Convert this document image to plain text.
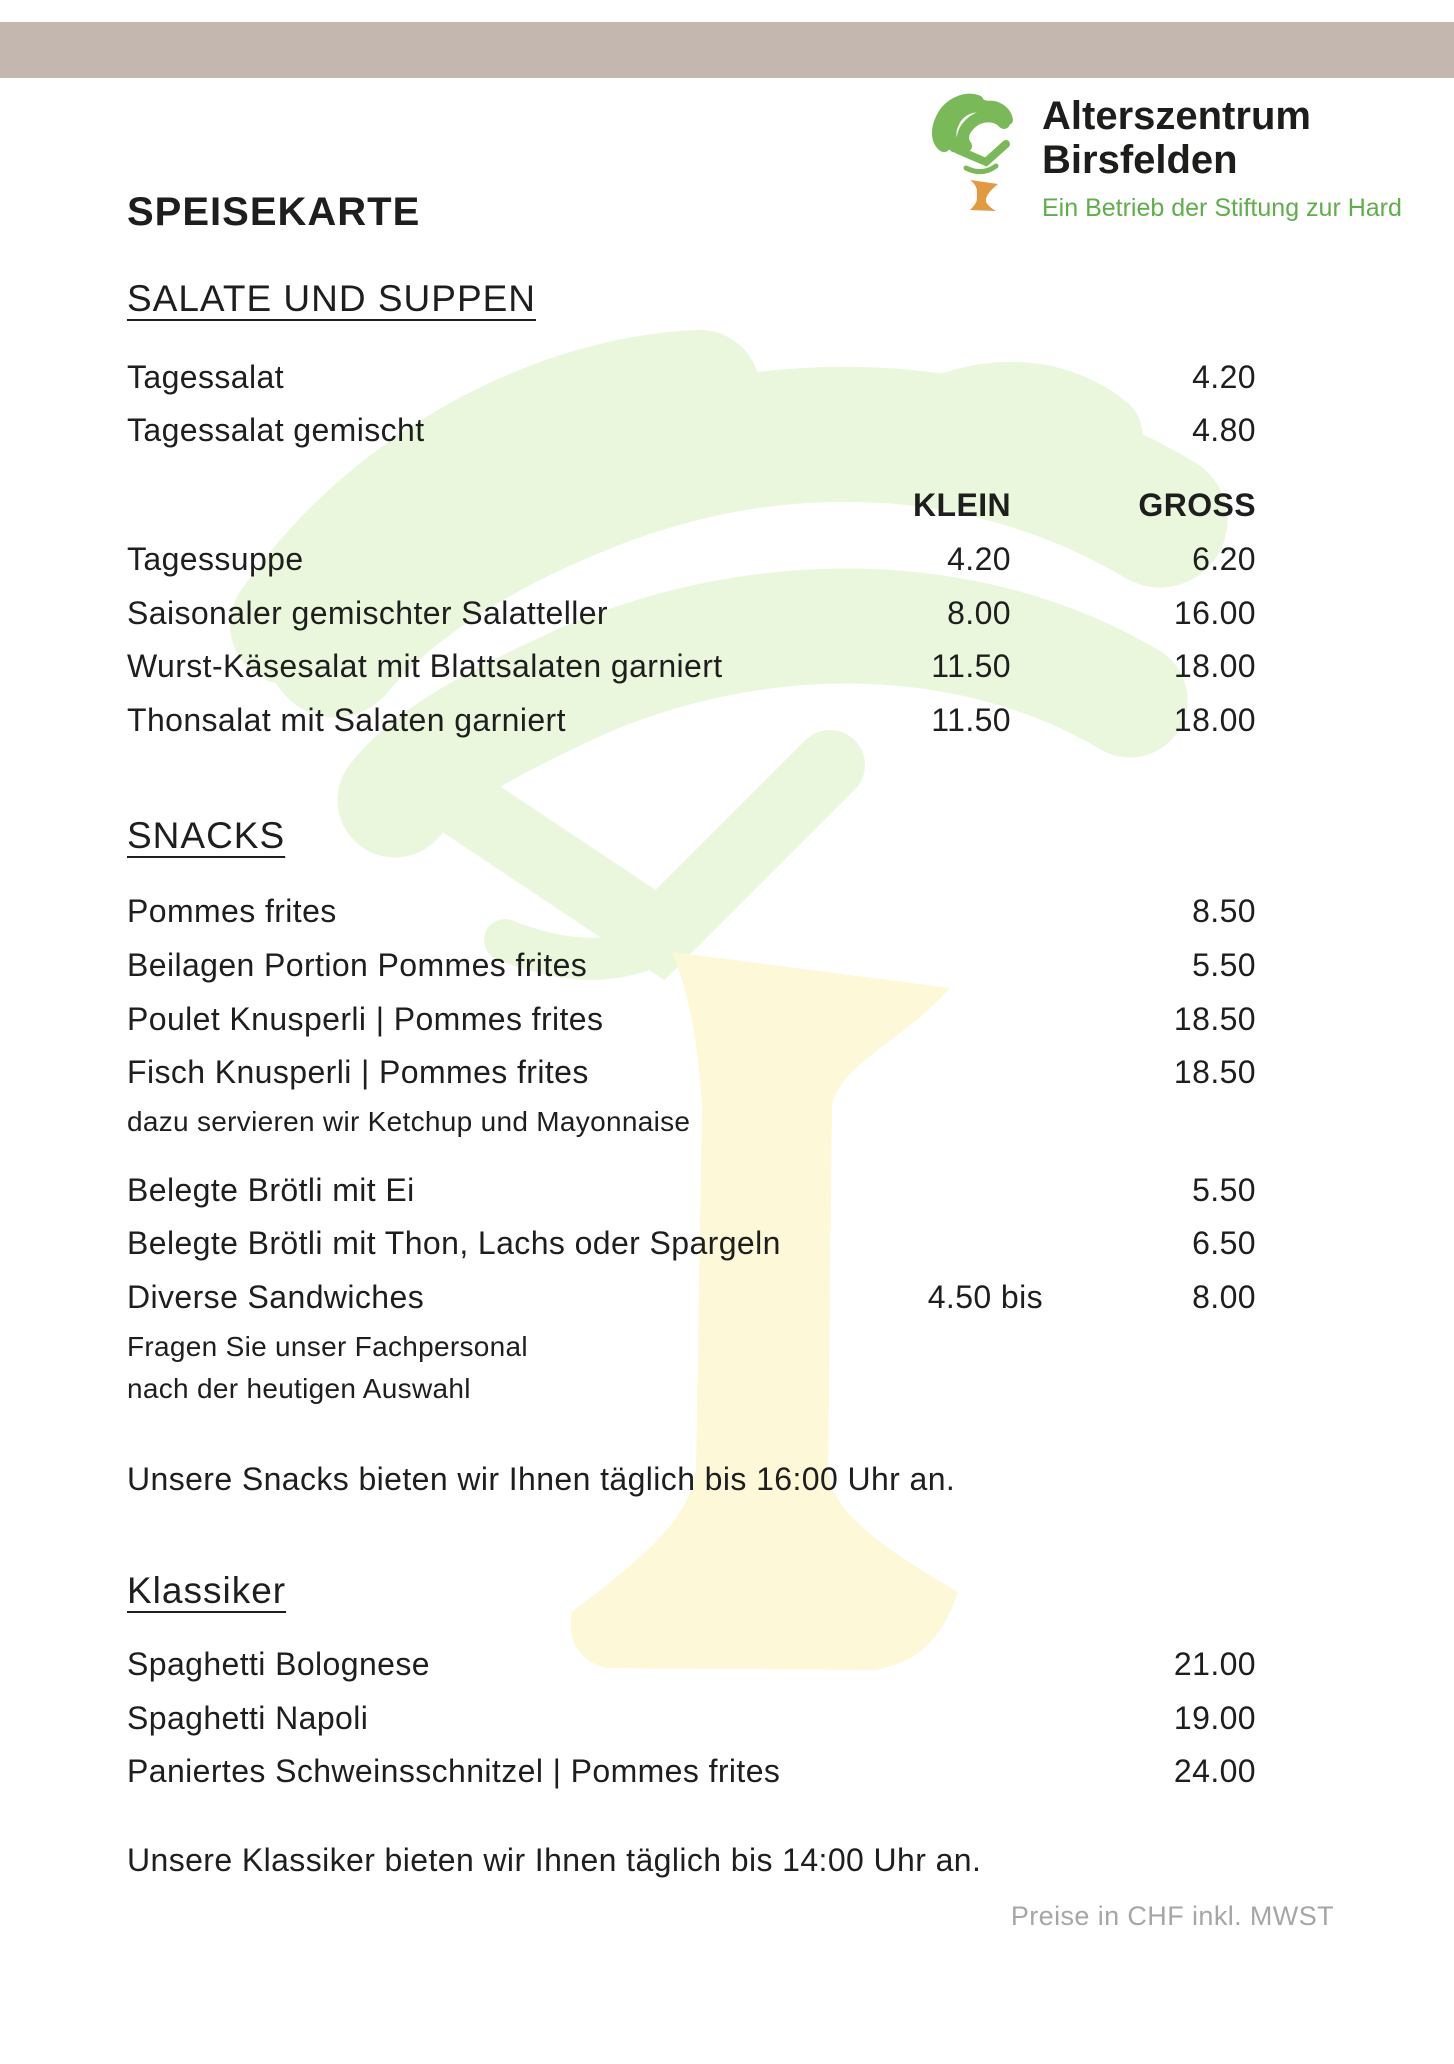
Alterszentrum
Birsfelden
Ein Betrieb der Stiftung zur Hard
SPEISEKARTE
SALATE UND SUPPEN
Tagessalat	4.20
Tagessalat gemischt	4.80
KLEIN	GROSS
Tagessuppe	4.20	6.20
Saisonaler gemischter Salatteller	8.00	16.00
Wurst-Käsesalat mit Blattsalaten garniert	11.50	18.00
Thonsalat mit Salaten garniert	11.50	18.00
SNACKS
Pommes frites	8.50
Beilagen Portion Pommes frites	5.50
Poulet Knusperli | Pommes frites	18.50
Fisch Knusperli | Pommes frites	18.50
dazu servieren wir Ketchup und Mayonnaise
Belegte Brötli mit Ei	5.50
Belegte Brötli mit Thon, Lachs oder Spargeln	6.50
Diverse Sandwiches	4.50 bis	8.00
Fragen Sie unser Fachpersonal
nach der heutigen Auswahl
Unsere Snacks bieten wir Ihnen täglich bis 16:00 Uhr an.
Klassiker
Spaghetti Bolognese	21.00
Spaghetti Napoli	19.00
Paniertes Schweinsschnitzel | Pommes frites	24.00
Unsere Klassiker bieten wir Ihnen täglich bis 14:00 Uhr an.
Preise in CHF inkl. MWST
